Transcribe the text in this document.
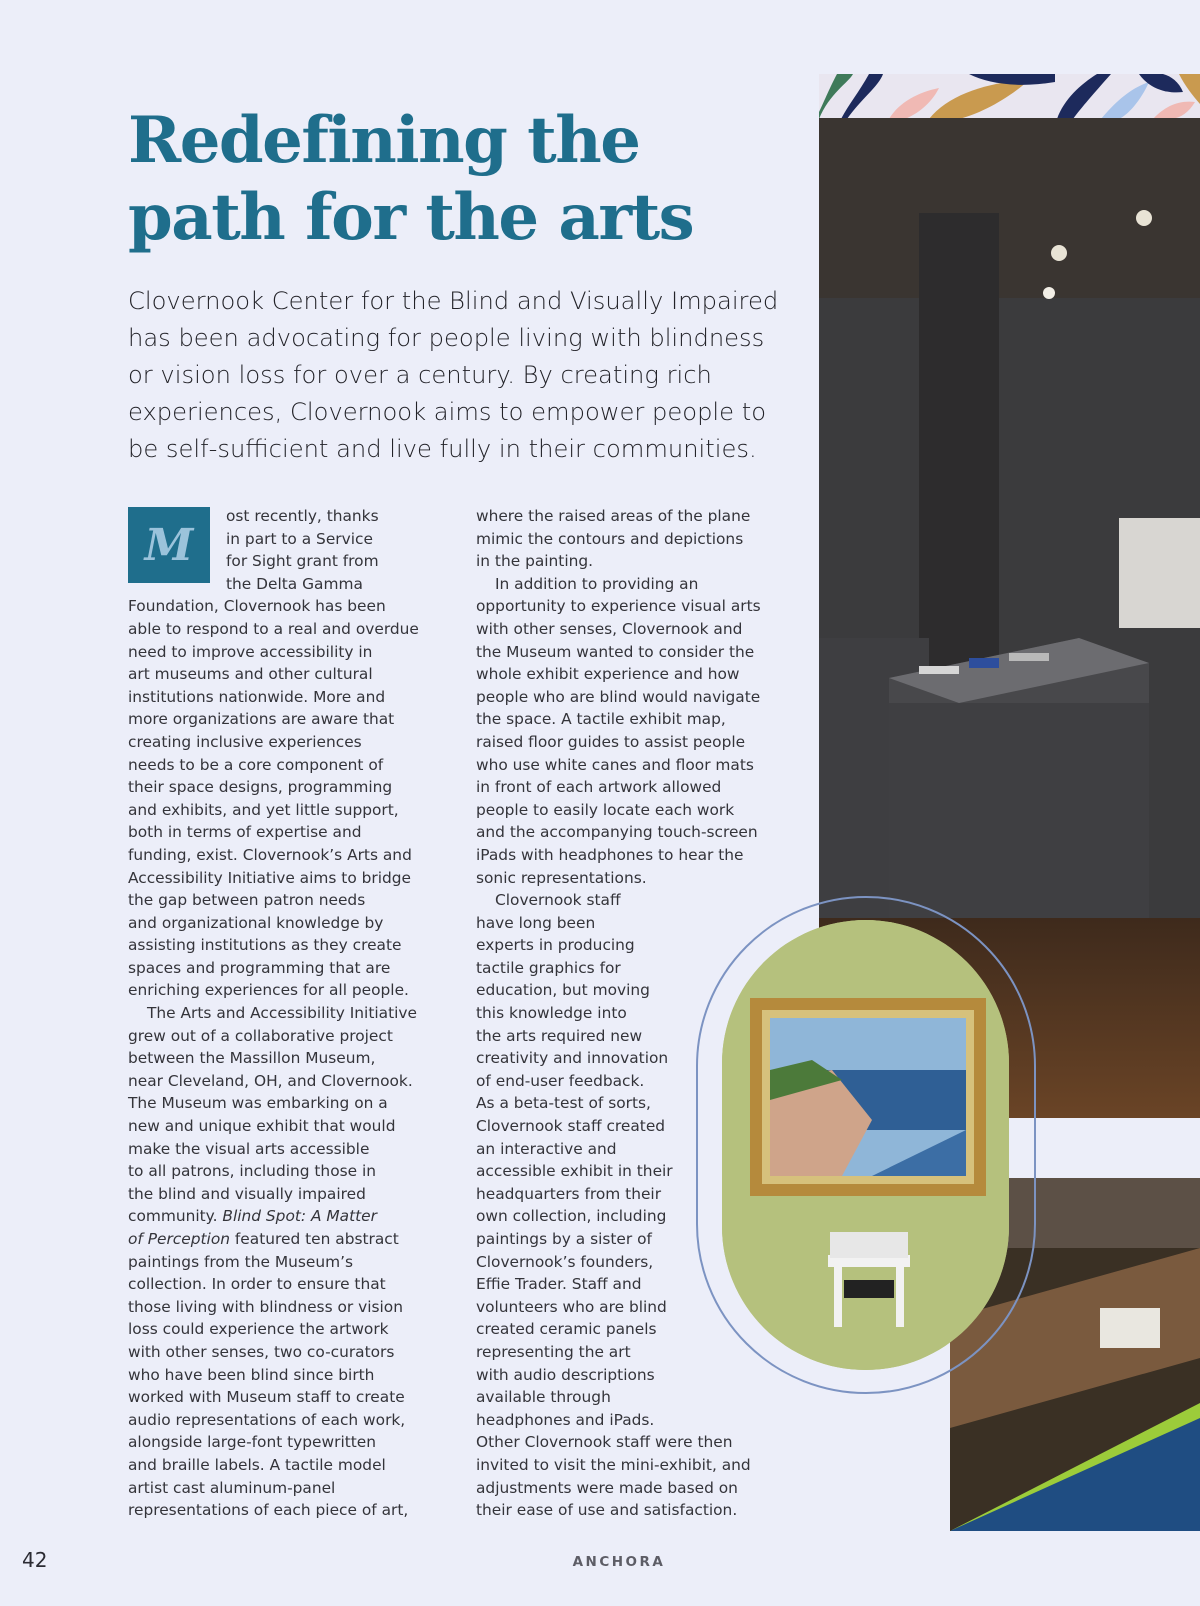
Redefining the path for the arts

Clovernook Center for the Blind and Visually Impaired has been advocating for people living with blindness or vision loss for over a century. By creating rich experiences, Clovernook aims to empower people to be self-sufficient and live fully in their communities.

M
ost recently, thanks
in part to a Service
for Sight grant from
the Delta Gamma

Foundation, Clovernook has been
able to respond to a real and overdue
need to improve accessibility in
art museums and other cultural
institutions nationwide. More and
more organizations are aware that
creating inclusive experiences
needs to be a core component of
their space designs, programming
and exhibits, and yet little support,
both in terms of expertise and
funding, exist. Clovernook’s Arts and
Accessibility Initiative aims to bridge
the gap between patron needs
and organizational knowledge by
assisting institutions as they create
spaces and programming that are
enriching experiences for all people.

The Arts and Accessibility Initiative
grew out of a collaborative project
between the Massillon Museum,
near Cleveland, OH, and Clovernook.
The Museum was embarking on a
new and unique exhibit that would
make the visual arts accessible
to all patrons, including those in
the blind and visually impaired

community. Blind Spot: A Matter
of Perception featured ten abstract

paintings from the Museum’s
collection. In order to ensure that
those living with blindness or vision
loss could experience the artwork
with other senses, two co-curators
who have been blind since birth
worked with Museum staff to create
audio representations of each work,
alongside large-font typewritten
and braille labels. A tactile model
artist cast aluminum-panel
representations of each piece of art,

where the raised areas of the plane
mimic the contours and depictions
in the painting.

In addition to providing an
opportunity to experience visual arts
with other senses, Clovernook and
the Museum wanted to consider the
whole exhibit experience and how
people who are blind would navigate
the space. A tactile exhibit map,
raised floor guides to assist people
who use white canes and floor mats
in front of each artwork allowed
people to easily locate each work
and the accompanying touch-screen
iPads with headphones to hear the
sonic representations.

Clovernook staff
have long been
experts in producing
tactile graphics for
education, but moving
this knowledge into
the arts required new
creativity and innovation
of end-user feedback.
As a beta-test of sorts,
Clovernook staff created
an interactive and
accessible exhibit in their
headquarters from their
own collection, including
paintings by a sister of
Clovernook’s founders,
Effie Trader. Staff and
volunteers who are blind
created ceramic panels
representing the art
with audio descriptions
available through
headphones and iPads.
Other Clovernook staff were then
invited to visit the mini-exhibit, and
adjustments were made based on
their ease of use and satisfaction.

42	ANCHORA
